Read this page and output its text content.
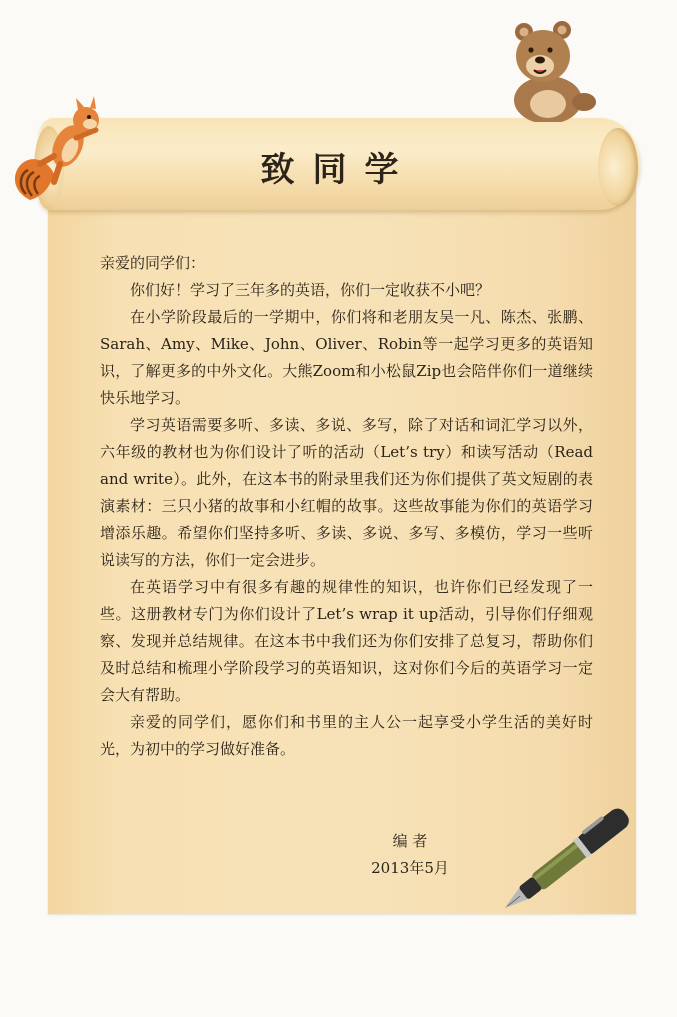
致同学

亲爱的同学们：

你们好！学习了三年多的英语，你们一定收获不小吧？

在小学阶段最后的一学期中，你们将和老朋友吴一凡、陈杰、张鹏、Sarah、Amy、Mike、John、Oliver、Robin等一起学习更多的英语知识，了解更多的中外文化。大熊Zoom和小松鼠Zip也会陪伴你们一道继续快乐地学习。

学习英语需要多听、多读、多说、多写，除了对话和词汇学习以外，六年级的教材也为你们设计了听的活动（Let’s try）和读写活动（Read and write）。此外，在这本书的附录里我们还为你们提供了英文短剧的表演素材：三只小猪的故事和小红帽的故事。这些故事能为你们的英语学习增添乐趣。希望你们坚持多听、多读、多说、多写、多模仿，学习一些听说读写的方法，你们一定会进步。

在英语学习中有很多有趣的规律性的知识，也许你们已经发现了一些。这册教材专门为你们设计了Let’s wrap it up活动，引导你们仔细观察、发现并总结规律。在这本书中我们还为你们安排了总复习，帮助你们及时总结和梳理小学阶段学习的英语知识，这对你们今后的英语学习一定会大有帮助。

亲爱的同学们，愿你们和书里的主人公一起享受小学生活的美好时光，为初中的学习做好准备。

编 者
2013年5月
